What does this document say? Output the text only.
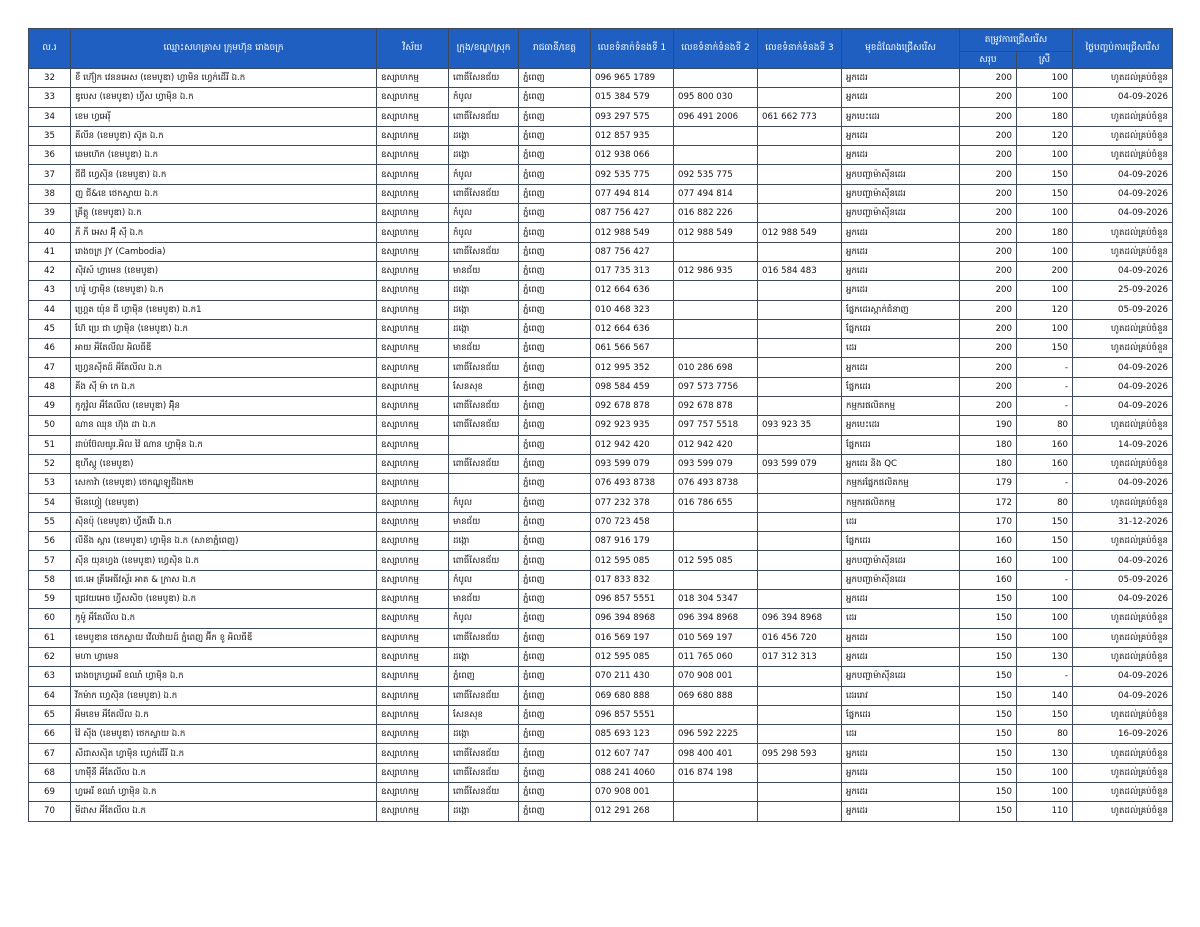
ល.រ	ឈ្មោះសហគ្រាស ក្រុមហ៊ុន រោងចក្រ	វិស័យ	ក្រុង/ខណ្ឌ/ស្រុក	រាជធានី/ខេត្ត	លេខទំនាក់ទំនងទី 1	លេខទំនាក់ទំនងទី 2	លេខទំនាក់ទំនងទី 3	មុខដំណែងជ្រើសរើស	តម្រូវការជ្រើសរើស		ថ្ងៃបញ្ចប់ការជ្រើសរើស
									សរុប	ស្រី	
32	ខឺ ហ៊ៀក វេននអេស (ខេមបូឌា) ហ្វាមិន ហ្វេក់ដើរី ឯ.ក	ឧស្សាហកម្ម	ពោធិ៍សែនជ័យ	ភ្នំពេញ	096 965 1789			អ្នកដេរ	200	100	ហូតដល់គ្រប់ចំនួន
33	ឌូបេស (ខេមបូឌា) ហ្វីស ហ្វាម៉ិន ឯ.ក	ឧស្សាហកម្ម	កំបូល	ភ្នំពេញ	015 384 579	095 800 030		អ្នកដេរ	200	100	04-09-2026
34	ខេម ហ្វអេរ៉ី	ឧស្សាហកម្ម	ពោធិ៍សែនជ័យ	ភ្នំពេញ	093 297 575	096 491 2006	061 662 773	អ្នកបេះដេរ	200	180	ហូតដល់គ្រប់ចំនួន
35	គីលីន (ខេមបូឌា) ស៊ូត ឯ.ក	ឧស្សាហកម្ម	ដង្កោ	ភ្នំពេញ	012 857 935			អ្នកដេរ	200	120	ហូតដល់គ្រប់ចំនួន
36	ឆេមហ៊េក (ខេមបូឌា) ឯ.ក	ឧស្សាហកម្ម	ដង្កោ	ភ្នំពេញ	012 938 066			អ្នកដេរ	200	100	ហូតដល់គ្រប់ចំនួន
37	ជីជី ហ្វេស៊ិន (ខេមបូឌា) ឯ.ក	ឧស្សាហកម្ម	កំបូល	ភ្នំពេញ	092 535 775	092 535 775		អ្នកបញ្ជាម៉ាស៊ីនដេរ	200	150	04-09-2026
38	ញ ជី&ខេ ថេកស្ទាយ ឯ.ក	ឧស្សាហកម្ម	ពោធិ៍សែនជ័យ	ភ្នំពេញ	077 494 814	077 494 814		អ្នកបញ្ជាម៉ាស៊ីនដេរ	200	150	04-09-2026
39	គ្រីត្តូ (ខេមបូឌា) ឯ.ក	ឧស្សាហកម្ម	កំបូល	ភ្នំពេញ	087 756 427	016 882 226		អ្នកបញ្ជាម៉ាស៊ីនដេរ	200	100	04-09-2026
40	ភី ភី អេស អ៊ុី ស៊ី ឯ.ក	ឧស្សាហកម្ម	កំបូល	ភ្នំពេញ	012 988 549	012 988 549	012 988 549	អ្នកដេរ	200	180	ហូតដល់គ្រប់ចំនួន
41	រោងចក្រ JY (Cambodia)	ឧស្សាហកម្ម	ពោធិ៍សែនជ័យ	ភ្នំពេញ	087 756 427			អ្នកដេរ	200	100	ហូតដល់គ្រប់ចំនួន
42	ស៊ិវស៍ ហ្វាមេន (ខេមបូឌា)	ឧស្សាហកម្ម	មានជ័យ	ភ្នំពេញ	017 735 313	012 986 935	016 584 483	អ្នកដេរ	200	200	04-09-2026
43	ហរ៉ូ ហ្វាម៉ិន (ខេមបូឌា) ឯ.ក	ឧស្សាហកម្ម	ដង្កោ	ភ្នំពេញ	012 664 636			អ្នកដេរ	200	100	25-09-2026
44	ហ្គ្រេត យ៉ុន ជី ហ្វាម៉ិន (ខេមបូឌា) ឯ.ក1	ឧស្សាហកម្ម	ដង្កោ	ភ្នំពេញ	010 468 323			ផ្នែកដេរស្ពាក់ជំនាញ	200	120	05-09-2026
45	ហ៊ែ ប្រេ ជា ហ្វាម៉ិន (ខេមបូឌា) ឯ.ក	ឧស្សាហកម្ម	ដង្កោ	ភ្នំពេញ	012 664 636			ផ្នែកដេរ	200	100	ហូតដល់គ្រប់ចំនួន
46	អាយ អឹតែលីល អិលធីឌី	ឧស្សាហកម្ម	មានជ័យ	ភ្នំពេញ	061 566 567			ដេរ	200	150	ហូតដល់គ្រប់ចំនួន
47	ហ្វ្រេនស៊ីតដ៍ អឹតែលីល ឯ.ក	ឧស្សាហកម្ម	ពោធិ៍សែនជ័យ	ភ្នំពេញ	012 995 352	010 286 698		អ្នកដេរ	200	-	04-09-2026
48	គីង ស៊ី ម៉ា កេ ឯ.ក	ឧស្សាហកម្ម	សែនសុខ	ភ្នំពេញ	098 584 459	097 573 7756		ផ្នែកដេរ	200	-	04-09-2026
49	កូកូវ៉ូល អឹតែលីល (ខេមបូឌា) អ៊ុិន	ឧស្សាហកម្ម	ពោធិ៍សែនជ័យ	ភ្នំពេញ	092 678 878	092 678 878		កម្មករផលិតកម្ម	200	-	04-09-2026
50	ណាន ឈុន ហ៊ុង ដា ឯ.ក	ឧស្សាហកម្ម	ពោធិ៍សែនជ័យ	ភ្នំពេញ	092 923 935	097 757 5518	093 923 35	អ្នកបេះដេរ	190	80	ហូតដល់គ្រប់ចំនួន
51	ដាប់ប៊ែលយូរ.អិល វ៉ៃ ណាន ហ្វាម៉ិន ឯ.ក	ឧស្សាហកម្ម		ភ្នំពេញ	012 942 420	012 942 420		ផ្នែកដេរ	180	160	14-09-2026
52	ឌុហីស្តូ (ខេមបូឌា)	ឧស្សាហកម្ម	ពោធិ៍សែនជ័យ	ភ្នំពេញ	093 599 079	093 599 079	093 599 079	អ្នកដេរ និង QC	180	160	ហូតដល់គ្រប់ចំនួន
53	សេកាវ៉ា (ខេមបូឌា) ថេកណ្ឌឡូជីឯក២	ឧស្សាហកម្ម		ភ្នំពេញ	076 493 8738	076 493 8738		កម្មករផ្នែកផលិតកម្ម	179	-	04-09-2026
54	មីនេហ្វៀ (ខេមបូឌា)	ឧស្សាហកម្ម	កំបូល	ភ្នំពេញ	077 232 378	016 786 655		កម្មករផលិតកម្ម	172	80	ហូតដល់គ្រប់ចំនួន
55	ស៊ិនប៉ុ (ខេមបូឌា) ហ្វីតវើរ ឯ.ក	ឧស្សាហកម្ម	មានជ័យ	ភ្នំពេញ	070 723 458			ដេរ	170	150	31-12-2026
56	លីនីង ស្តារ (ខេមបូឌា) ហ្វាម៉ិន ឯ.ក (សាខាភ្នំពេញ)	ឧស្សាហកម្ម	ដង្កោ	ភ្នំពេញ	087 916 179			ផ្នែកដេរ	160	150	ហូតដល់គ្រប់ចំនួន
57	ស៊ីន យុនហ្វង (ខេមបូឌា) ហ្វេស៊ិន ឯ.ក	ឧស្សាហកម្ម	ពោធិ៍សែនជ័យ	ភ្នំពេញ	012 595 085	012 595 085		អ្នកបញ្ជាម៉ាស៊ីនដេរ	160	100	04-09-2026
58	ជេ.អេ គ្រីអេធីវស្ទ័រ អាត & ក្រាស ឯ.ក	ឧស្សាហកម្ម	កំបូល	ភ្នំពេញ	017 833 832			អ្នកបញ្ជាម៉ាស៊ីនដេរ	160	-	05-09-2026
59	ជ្រេវយអេច ហ្វីសសិច (ខេមបូឌា) ឯ.ក	ឧស្សាហកម្ម	មានជ័យ	ភ្នំពេញ	096 857 5551	018 304 5347		អ្នកដេរ	150	100	04-09-2026
60	កូម៉ូ អឹតែលីល ឯ.ក	ឧស្សាហកម្ម	កំបូល	ភ្នំពេញ	096 394 8968	096 394 8968	096 394 8968	ដេរ	150	100	ហូតដល់គ្រប់ចំនួន
61	ខេមបូឌាន ថេកស្ទាយ វើលវ៉ាយដ៍ ភ្នំពេញ អ៊ីក ខូ អិលធីឌី	ឧស្សាហកម្ម	ពោធិ៍សែនជ័យ	ភ្នំពេញ	016 569 197	010 569 197	016 456 720	អ្នកដេរ	150	100	ហូតដល់គ្រប់ចំនួន
62	មហា ហ្វាមេន	ឧស្សាហកម្ម	ដង្កោ	ភ្នំពេញ	012 595 085	011 765 060	017 312 313	អ្នកដេរ	150	130	ហូតដល់គ្រប់ចំនួន
63	រោងចក្រហ្វអេរី ខឈាំ ហ្វាម៉ិន ឯ.ក	ឧស្សាហកម្ម	ភ្នំពេញ	ភ្នំពេញ	070 211 430	070 908 001		អ្នកបញ្ជាម៉ាស៊ីនដេរ	150	-	04-09-2026
64	វីកម៉ាក ហ្វេស៊ិន (ខេមបូឌា) ឯ.ក	ឧស្សាហកម្ម	ពោធិ៍សែនជ័យ	ភ្នំពេញ	069 680 888	069 680 888		ដេររោវ	150	140	04-09-2026
65	អឹមខេម អឹតែលីល ឯ.ក	ឧស្សាហកម្ម	សែនសុខ	ភ្នំពេញ	096 857 5551			ផ្នែកដេរ	150	150	ហូតដល់គ្រប់ចំនួន
66	វ៉ៃ ស៊ីង (ខេមបូឌា) ថេកស្ទាយ ឯ.ក	ឧស្សាហកម្ម	ដង្កោ	ភ្នំពេញ	085 693 123	096 592 2225		ដេរ	150	80	16-09-2026
67	សីដាសស៊ិត ហ្វាម៉ិន ហ្វេក់ដើរី ឯ.ក	ឧស្សាហកម្ម	ពោធិ៍សែនជ័យ	ភ្នំពេញ	012 607 747	098 400 401	095 298 593	អ្នកដេរ	150	130	ហូតដល់គ្រប់ចំនួន
68	ហាម៉ុីនី អឹតែលីល ឯ.ក	ឧស្សាហកម្ម	ពោធិ៍សែនជ័យ	ភ្នំពេញ	088 241 4060	016 874 198		អ្នកដេរ	150	100	ហូតដល់គ្រប់ចំនួន
69	ហ្វអេរី ខឈាំ ហ្វាម៉ិន ឯ.ក	ឧស្សាហកម្ម	ពោធិ៍សែនជ័យ	ភ្នំពេញ	070 908 001			អ្នកដេរ	150	100	ហូតដល់គ្រប់ចំនួន
70	មីដាស អឹតែលីល ឯ.ក	ឧស្សាហកម្ម	ដង្កោ	ភ្នំពេញ	012 291 268			អ្នកដេរ	150	110	ហូតដល់គ្រប់ចំនួន
